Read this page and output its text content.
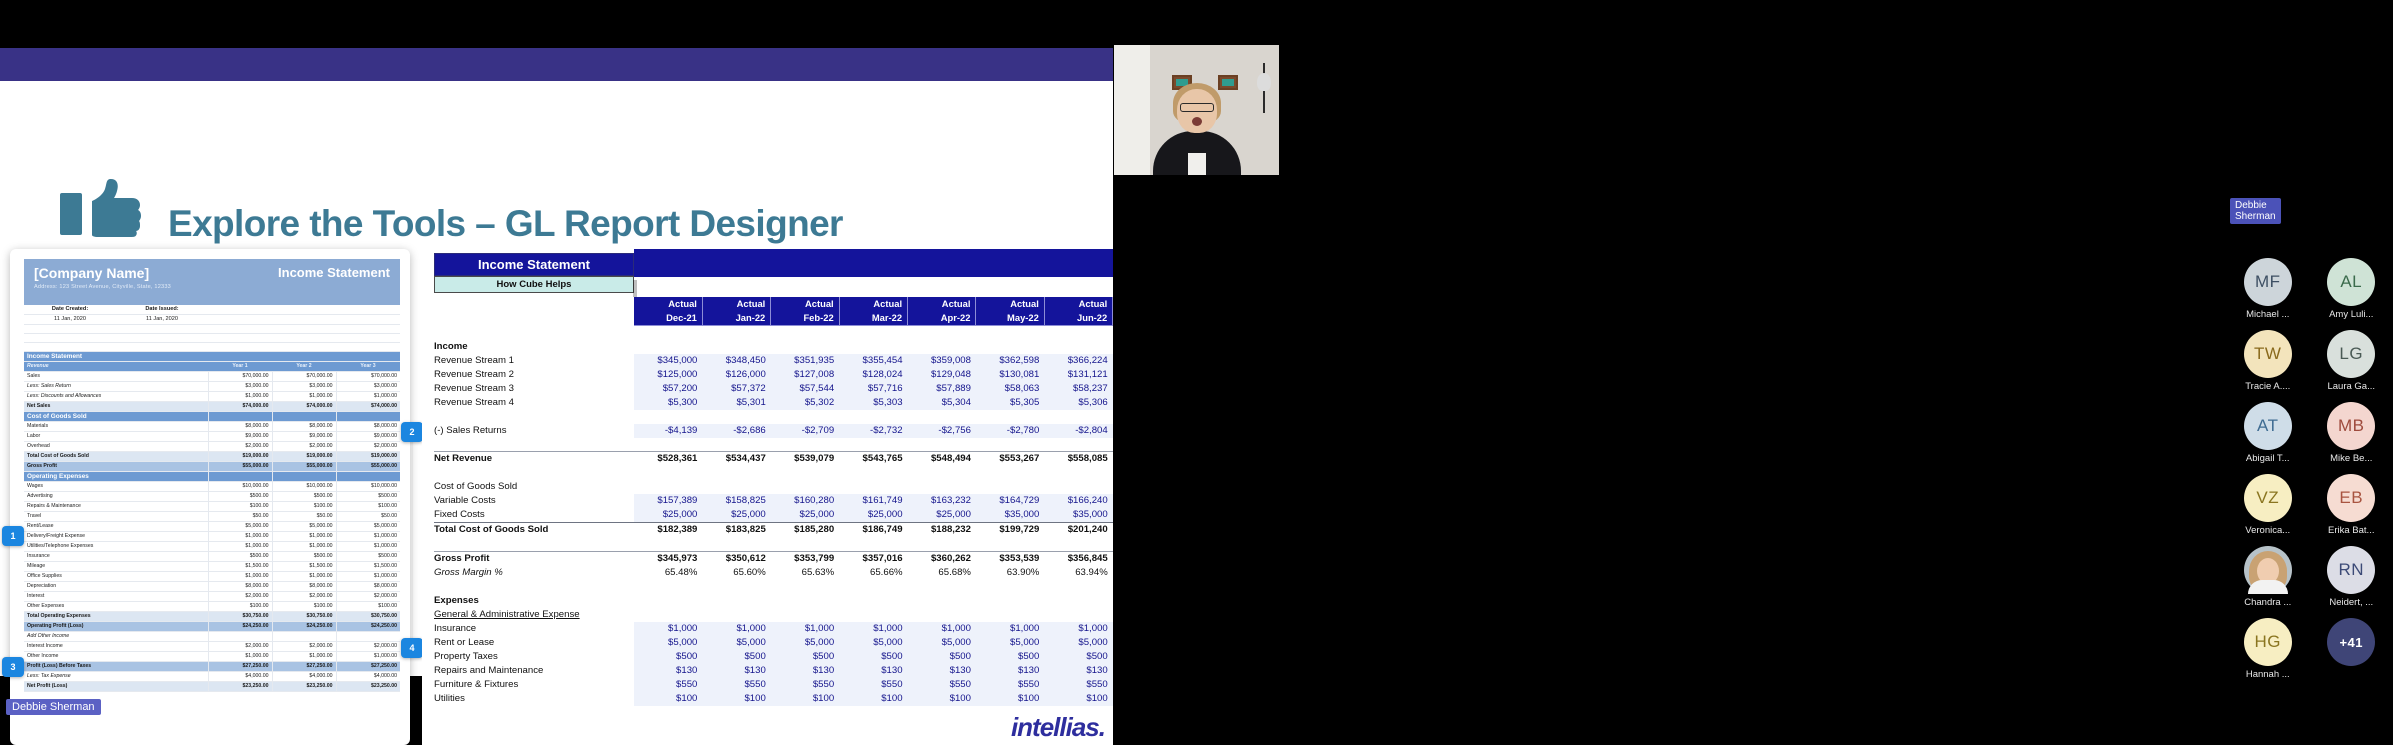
Explore the Tools – GL Report Designer
[Company Name]	Income Statement
Address: 123 Street Avenue, Cityville, State, 12333
Date Created:	Date Issued:			
11 Jan, 2020	11 Jan, 2020			

Income Statement				
Revenue		Year 1	Year 2	Year 3
Sales		$70,000.00	$70,000.00	$70,000.00
Less: Sales Return		$3,000.00	$3,000.00	$3,000.00
Less: Discounts and Allowances		$1,000.00	$1,000.00	$1,000.00
Net Sales		$74,000.00	$74,000.00	$74,000.00
Cost of Goods Sold				
Materials		$8,000.00	$8,000.00	$8,000.00
Labor		$9,000.00	$9,000.00	$9,000.00
Overhead		$2,000.00	$2,000.00	$2,000.00
Total Cost of Goods Sold		$19,000.00	$19,000.00	$19,000.00
Gross Profit		$55,000.00	$55,000.00	$55,000.00
Operating Expenses				
Wages		$10,000.00	$10,000.00	$10,000.00
Advertising		$500.00	$500.00	$500.00
Repairs & Maintenance		$100.00	$100.00	$100.00
Travel		$50.00	$50.00	$50.00
Rent/Lease		$5,000.00	$5,000.00	$5,000.00
Delivery/Freight Expense		$1,000.00	$1,000.00	$1,000.00
Utilities/Telephone Expenses		$1,000.00	$1,000.00	$1,000.00
Insurance		$500.00	$500.00	$500.00
Mileage		$1,500.00	$1,500.00	$1,500.00
Office Supplies		$1,000.00	$1,000.00	$1,000.00
Depreciation		$8,000.00	$8,000.00	$8,000.00
Interest		$2,000.00	$2,000.00	$2,000.00
Other Expenses		$100.00	$100.00	$100.00
Total Operating Expenses		$30,750.00	$30,750.00	$30,750.00
Operating Profit (Loss)		$24,250.00	$24,250.00	$24,250.00
Add Other Income				
Interest Income		$2,000.00	$2,000.00	$2,000.00
Other Income		$1,000.00	$1,000.00	$1,000.00
Profit (Loss) Before Taxes		$27,250.00	$27,250.00	$27,250.00
Less: Tax Expense		$4,000.00	$4,000.00	$4,000.00
Net Profit (Loss)		$23,250.00	$23,250.00	$23,250.00
1
3
2
4
Income Statement
How Cube Helps
	Actual	Actual	Actual	Actual	Actual	Actual	Actual
	Dec-21	Jan-22	Feb-22	Mar-22	Apr-22	May-22	Jun-22

Income							
Revenue Stream 1	$345,000	$348,450	$351,935	$355,454	$359,008	$362,598	$366,224
Revenue Stream 2	$125,000	$126,000	$127,008	$128,024	$129,048	$130,081	$131,121
Revenue Stream 3	$57,200	$57,372	$57,544	$57,716	$57,889	$58,063	$58,237
Revenue Stream 4	$5,300	$5,301	$5,302	$5,303	$5,304	$5,305	$5,306

(-) Sales Returns	-$4,139	-$2,686	-$2,709	-$2,732	-$2,756	-$2,780	-$2,804

Net Revenue	$528,361	$534,437	$539,079	$543,765	$548,494	$553,267	$558,085

Cost of Goods Sold							
Variable Costs	$157,389	$158,825	$160,280	$161,749	$163,232	$164,729	$166,240
Fixed Costs	$25,000	$25,000	$25,000	$25,000	$25,000	$35,000	$35,000
Total Cost of Goods Sold	$182,389	$183,825	$185,280	$186,749	$188,232	$199,729	$201,240

Gross Profit	$345,973	$350,612	$353,799	$357,016	$360,262	$353,539	$356,845
Gross Margin %	65.48%	65.60%	65.63%	65.66%	65.68%	63.90%	63.94%

Expenses							
General & Administrative Expense							
Insurance	$1,000	$1,000	$1,000	$1,000	$1,000	$1,000	$1,000
Rent or Lease	$5,000	$5,000	$5,000	$5,000	$5,000	$5,000	$5,000
Property Taxes	$500	$500	$500	$500	$500	$500	$500
Repairs and Maintenance	$130	$130	$130	$130	$130	$130	$130
Furniture & Fixtures	$550	$550	$550	$550	$550	$550	$550
Utilities	$100	$100	$100	$100	$100	$100	$100
intellias.
Debbie Sherman
MF
Michael ...
AL
Amy Luli...
TW
Tracie A....
LG
Laura Ga...
AT
Abigail T...
MB
Mike Be...
VZ
Veronica...
EB
Erika Bat...
Chandra ...
RN
Neidert, ...
HG
Hannah ...
+41
Debbie Sherman
